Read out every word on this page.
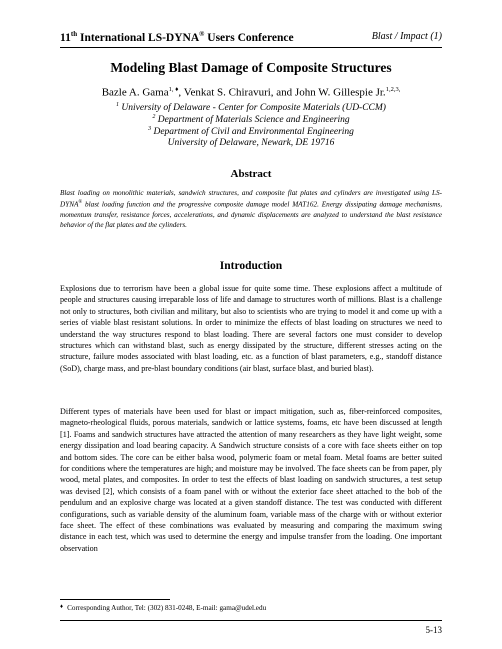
11th International LS-DYNA® Users Conference	Blast / Impact (1)
Modeling Blast Damage of Composite Structures
Bazle A. Gama$^{1, ♦}$, Venkat S. Chiravuri, and John W. Gillespie Jr.$^{1,2,3,}$
$^1$ University of Delaware - Center for Composite Materials (UD-CCM)
$^2$ Department of Materials Science and Engineering
$^3$ Department of Civil and Environmental Engineering
University of Delaware, Newark, DE 19716
Abstract
Blast loading on monolithic materials, sandwich structures, and composite flat plates and cylinders are investigated using LS-DYNA® blast loading function and the progressive composite damage model MAT162. Energy dissipating damage mechanisms, momentum transfer, resistance forces, accelerations, and dynamic displacements are analyzed to understand the blast resistance behavior of the flat plates and the cylinders.
Introduction
Explosions due to terrorism have been a global issue for quite some time. These explosions affect a multitude of people and structures causing irreparable loss of life and damage to structures worth of millions. Blast is a challenge not only to structures, both civilian and military, but also to scientists who are trying to model it and come up with a series of viable blast resistant solutions. In order to minimize the effects of blast loading on structures we need to understand the way structures respond to blast loading. There are several factors one must consider to develop structures which can withstand blast, such as energy dissipated by the structure, different stresses acting on the structure, failure modes associated with blast loading, etc. as a function of blast parameters, e.g., standoff distance (SoD), charge mass, and pre-blast boundary conditions (air blast, surface blast, and buried blast).
Different types of materials have been used for blast or impact mitigation, such as, fiber-reinforced composites, magneto-rheological fluids, porous materials, sandwich or lattice systems, foams, etc have been discussed at length [1]. Foams and sandwich structures have attracted the attention of many researchers as they have light weight, some energy dissipation and load bearing capacity. A Sandwich structure consists of a core with face sheets either on top and bottom sides. The core can be either balsa wood, polymeric foam or metal foam. Metal foams are better suited for conditions where the temperatures are high; and moisture may be involved. The face sheets can be from paper, ply wood, metal plates, and composites. In order to test the effects of blast loading on sandwich structures, a test setup was devised [2], which consists of a foam panel with or without the exterior face sheet attached to the bob of the pendulum and an explosive charge was located at a given standoff distance. The test was conducted with different configurations, such as variable density of the aluminum foam, variable mass of the charge with or without exterior face sheet. The effect of these combinations was evaluated by measuring and comparing the maximum swing distance in each test, which was used to determine the energy and impulse transfer from the loading. One important observation
♦ Corresponding Author, Tel: (302) 831-0248, E-mail: gama@udel.edu
5-13
